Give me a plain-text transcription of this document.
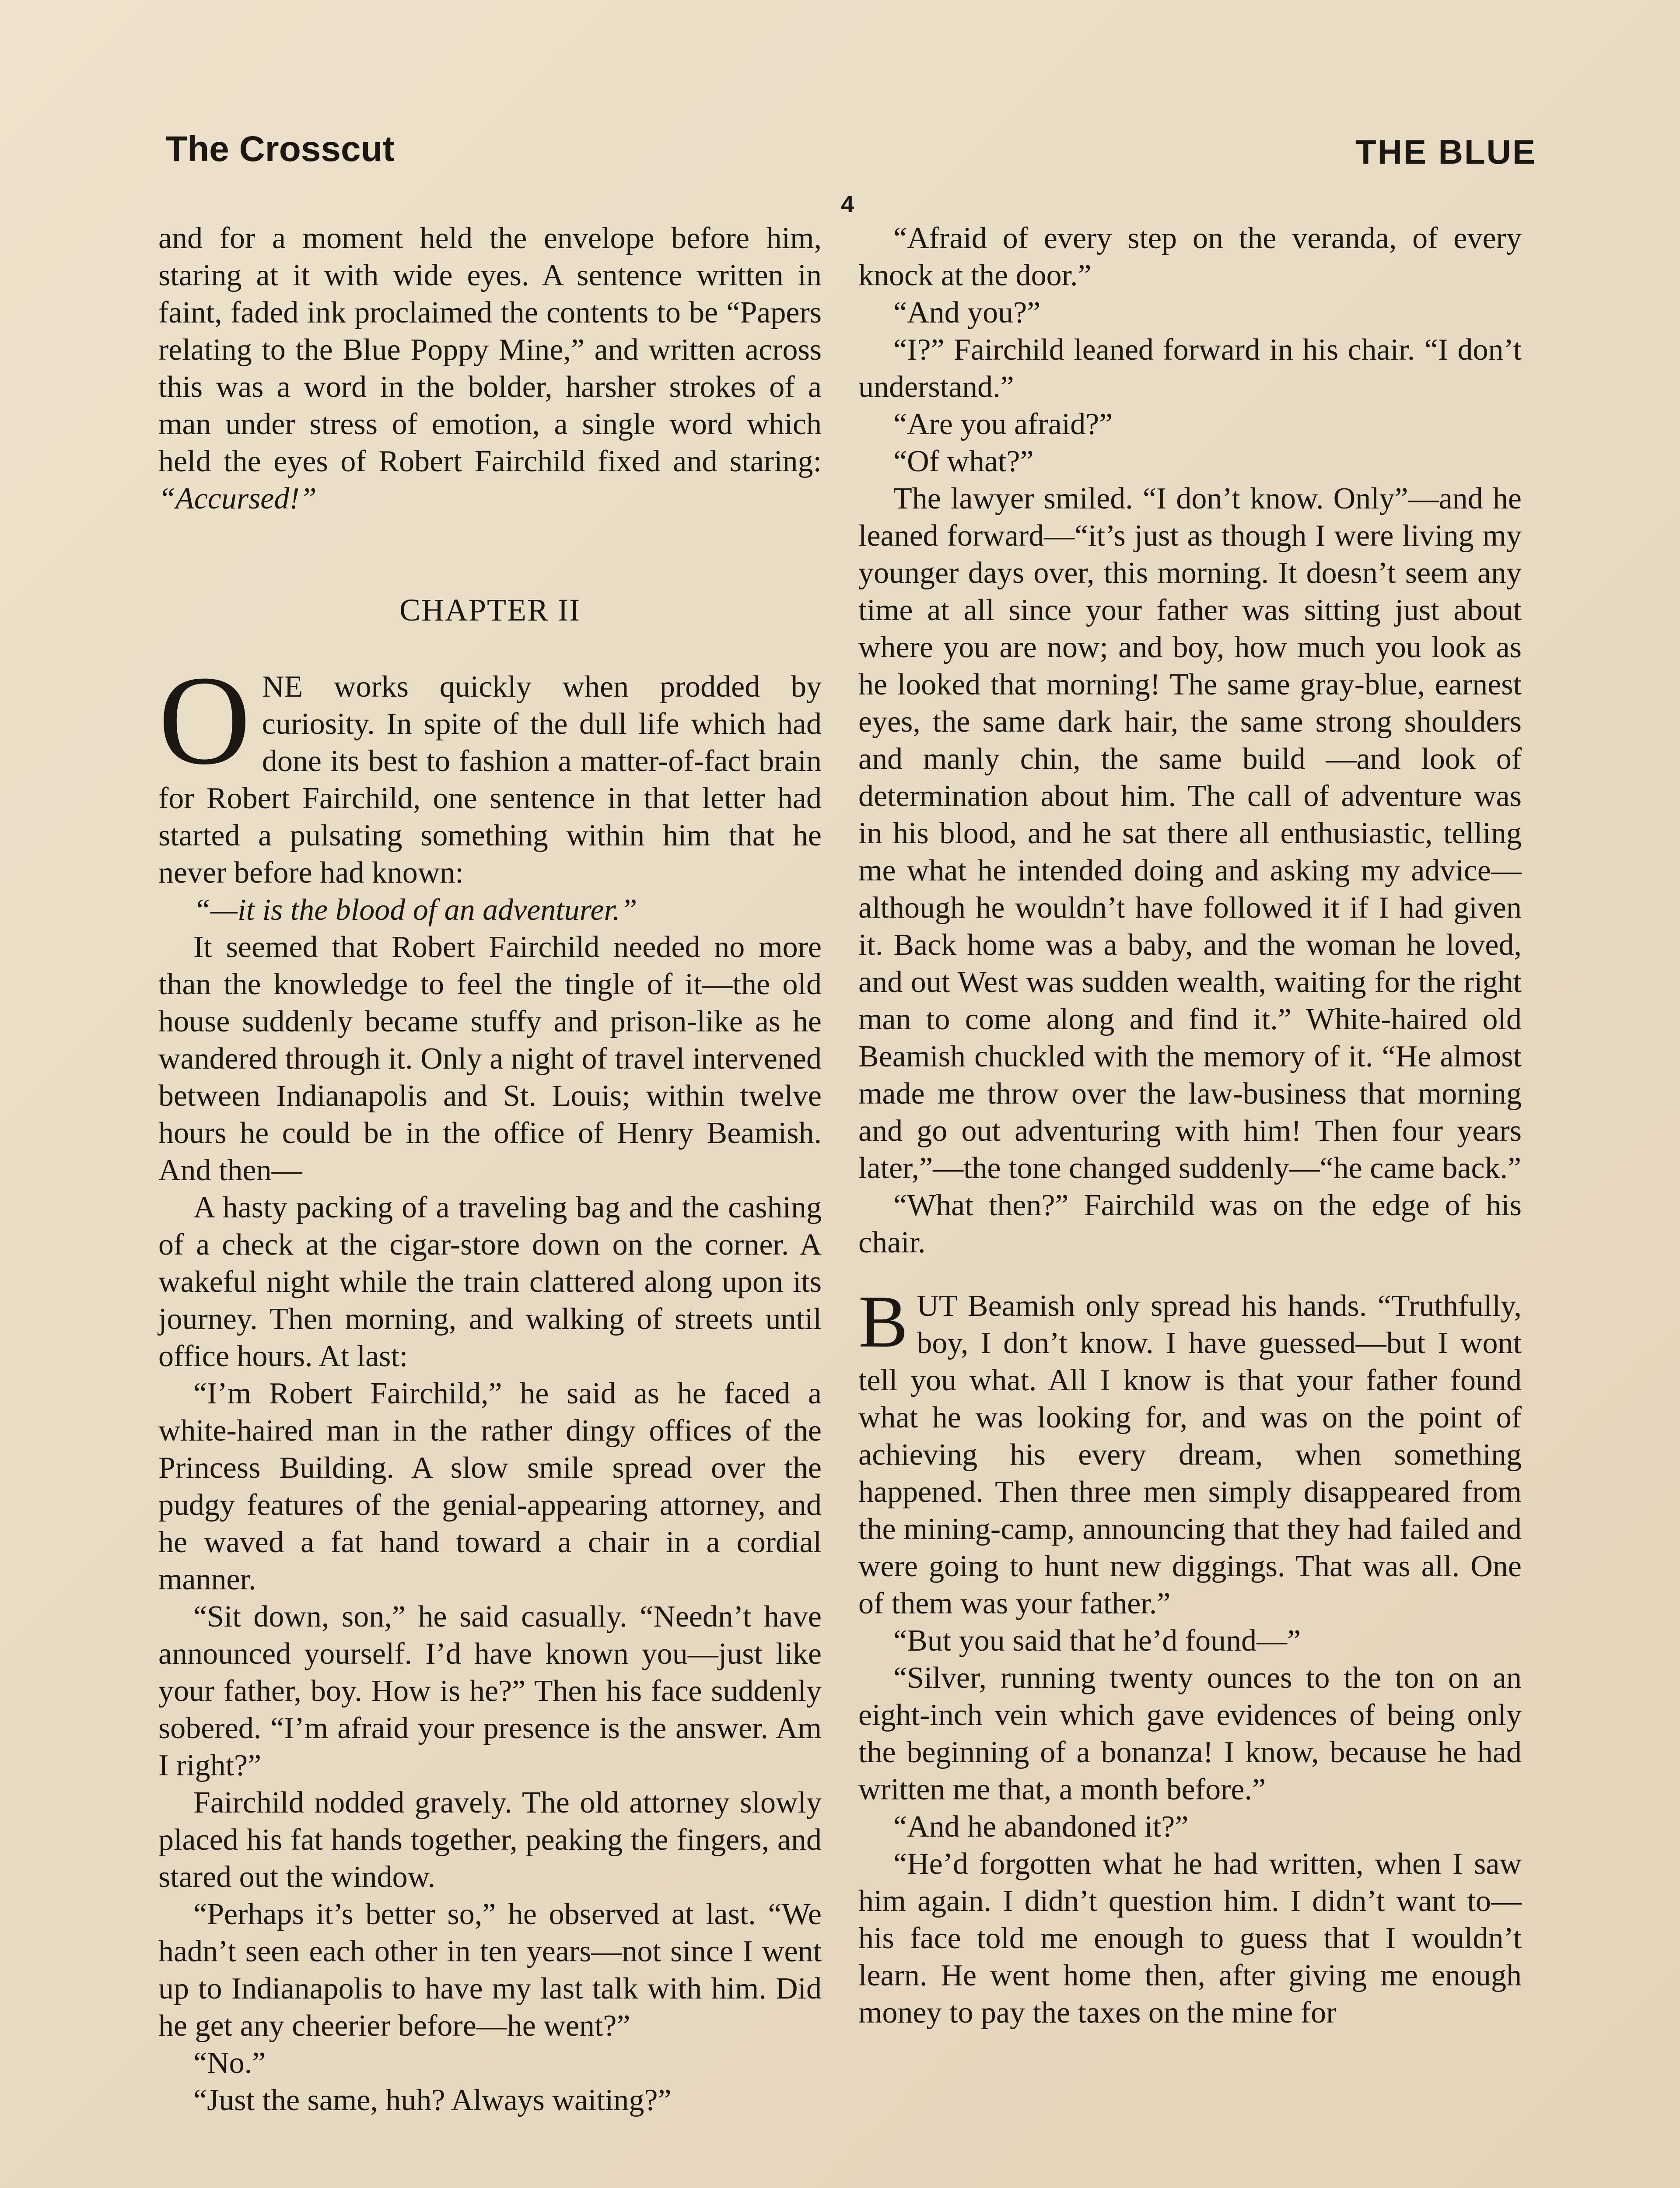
The Crosscut	THE BLUE
4

and for a moment held the envelope before him, staring at it with wide eyes. A sentence written in faint, faded ink proclaimed the contents to be “Papers relating to the Blue Poppy Mine,” and written across this was a word in the bolder, harsher strokes of a man under stress of emotion, a single word which held the eyes of Robert Fairchild fixed and staring: “Accursed!”

CHAPTER II

ONE works quickly when prodded by curiosity. In spite of the dull life which had done its best to fashion a matter-of-fact brain for Robert Fairchild, one sentence in that letter had started a pulsating something within him that he never before had known:

“—it is the blood of an adventurer.”

It seemed that Robert Fairchild needed no more than the knowledge to feel the tingle of it—the old house suddenly became stuffy and prison-like as he wandered through it. Only a night of travel intervened between Indianapolis and St. Louis; within twelve hours he could be in the office of Henry Beamish. And then—

A hasty packing of a traveling bag and the cashing of a check at the cigar-store down on the corner. A wakeful night while the train clattered along upon its journey. Then morning, and walking of streets until office hours. At last:

“I’m Robert Fairchild,” he said as he faced a white-haired man in the rather dingy offices of the Princess Building. A slow smile spread over the pudgy features of the genial-appearing attorney, and he waved a fat hand toward a chair in a cordial manner.

“Sit down, son,” he said casually. “Needn’t have announced yourself. I’d have known you—just like your father, boy. How is he?” Then his face suddenly sobered. “I’m afraid your presence is the answer. Am I right?”

Fairchild nodded gravely. The old attorney slowly placed his fat hands together, peaking the fingers, and stared out the window.

“Perhaps it’s better so,” he observed at last. “We hadn’t seen each other in ten years—not since I went up to Indianapolis to have my last talk with him. Did he get any cheerier before—he went?”

“No.”

“Just the same, huh? Always waiting?”

“Afraid of every step on the veranda, of every knock at the door.”

“And you?”

“I?” Fairchild leaned forward in his chair. “I don’t understand.”

“Are you afraid?”

“Of what?”

The lawyer smiled. “I don’t know. Only”—and he leaned forward—“it’s just as though I were living my younger days over, this morning. It doesn’t seem any time at all since your father was sitting just about where you are now; and boy, how much you look as he looked that morning! The same gray-blue, earnest eyes, the same dark hair, the same strong shoulders and manly chin, the same build —and look of determination about him. The call of adventure was in his blood, and he sat there all enthusiastic, telling me what he intended doing and asking my advice—although he wouldn’t have followed it if I had given it. Back home was a baby, and the woman he loved, and out West was sudden wealth, waiting for the right man to come along and find it.” White-haired old Beamish chuckled with the memory of it. “He almost made me throw over the law-business that morning and go out adventuring with him! Then four years later,”—the tone changed suddenly—“he came back.”

“What then?” Fairchild was on the edge of his chair.

BUT Beamish only spread his hands. “Truthfully, boy, I don’t know. I have guessed—but I wont tell you what. All I know is that your father found what he was looking for, and was on the point of achieving his every dream, when something happened. Then three men simply disappeared from the mining-camp, announcing that they had failed and were going to hunt new diggings. That was all. One of them was your father.”

“But you said that he’d found—”

“Silver, running twenty ounces to the ton on an eight-inch vein which gave evidences of being only the beginning of a bonanza! I know, because he had written me that, a month before.”

“And he abandoned it?”

“He’d forgotten what he had written, when I saw him again. I didn’t question him. I didn’t want to—his face told me enough to guess that I wouldn’t learn. He went home then, after giving me enough money to pay the taxes on the mine for
